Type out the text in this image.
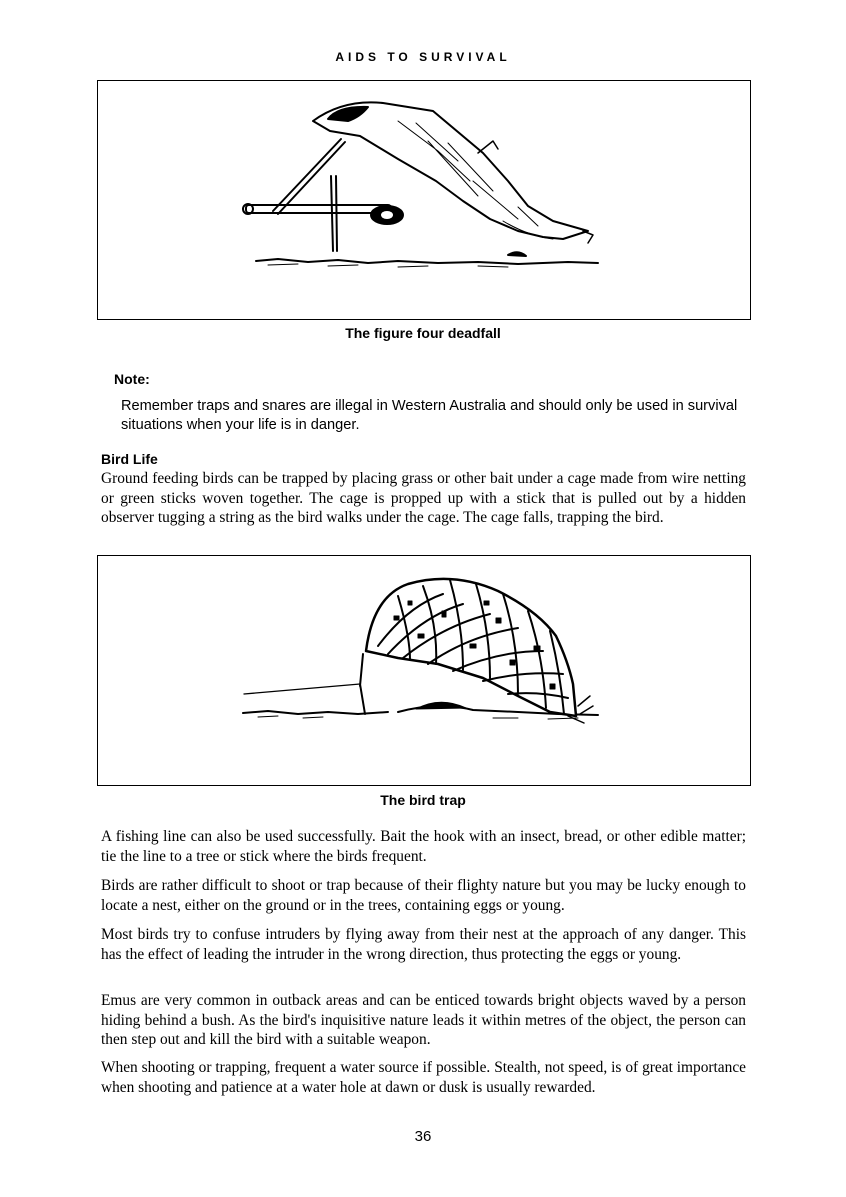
AIDS TO SURVIVAL
The figure four deadfall
Note:
Remember traps and snares are illegal in Western Australia and should only be used in survival situations when your life is in danger.
Bird Life

Ground feeding birds can be trapped by placing grass or other bait under a cage made from wire netting or green sticks woven together. The cage is propped up with a stick that is pulled out by a hidden observer tugging a string as the bird walks under the cage. The cage falls, trapping the bird.

The bird trap

A fishing line can also be used successfully. Bait the hook with an insect, bread, or other edible matter; tie the line to a tree or stick where the birds frequent.

Birds are rather difficult to shoot or trap because of their flighty nature but you may be lucky enough to locate a nest, either on the ground or in the trees, containing eggs or young.

Most birds try to confuse intruders by flying away from their nest at the approach of any danger. This has the effect of leading the intruder in the wrong direction, thus protecting the eggs or young.

Emus are very common in outback areas and can be enticed towards bright objects waved by a person hiding behind a bush. As the bird's inquisitive nature leads it within metres of the object, the person can then step out and kill the bird with a suitable weapon.

When shooting or trapping, frequent a water source if possible. Stealth, not speed, is of great importance when shooting and patience at a water hole at dawn or dusk is usually rewarded.

36
